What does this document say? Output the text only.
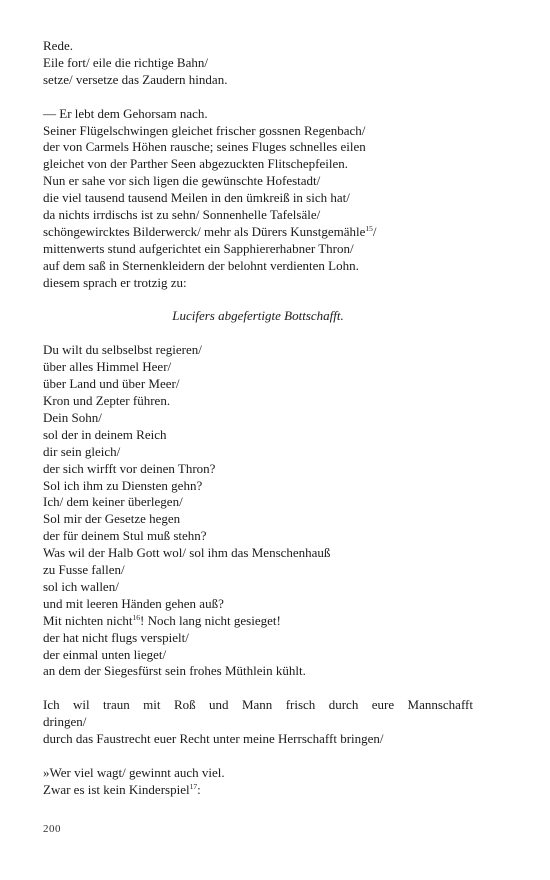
Rede.
Eile fort/ eile die richtige Bahn/
setze/ versetze das Zaudern hindan.
— Er lebt dem Gehorsam nach.
Seiner Flügelschwingen gleichet frischer gossnen Regenbach/
der von Carmels Höhen rausche; seines Fluges schnelles eilen
gleichet von der Parther Seen abgezuckten Flitschepfeilen.
Nun er sahe vor sich ligen die gewünschte Hofestadt/
die viel tausend tausend Meilen in den ümkreiß in sich hat/
da nichts irrdischs ist zu sehn/ Sonnenhelle Tafelsäle/
schöngewircktes Bilderwerck/ mehr als Dürers Kunstgemähle$^{15}$/
mittenwerts stund aufgerichtet ein Sapphiererhabner Thron/
auf dem saß in Sternenkleidern der belohnt verdienten Lohn.
diesem sprach er trotzig zu:
Lucifers abgefertigte Bottschafft.
Du wilt du selbselbst regieren/
über alles Himmel Heer/
über Land und über Meer/
Kron und Zepter führen.
Dein Sohn/
sol der in deinem Reich
dir sein gleich/
der sich wirfft vor deinen Thron?
Sol ich ihm zu Diensten gehn?
Ich/ dem keiner überlegen/
Sol mir der Gesetze hegen
der für deinem Stul muß stehn?
Was wil der Halb Gott wol/ sol ihm das Menschenhauß
zu Fusse fallen/
sol ich wallen/
und mit leeren Händen gehen auß?
Mit nichten nicht$^{16}$! Noch lang nicht gesieget!
der hat nicht flugs verspielt/
der einmal unten lieget/
an dem der Siegesfürst sein frohes Müthlein kühlt.
Ich wil traun mit Roß und Mann frisch durch eure Mannschafft
dringen/
durch das Faustrecht euer Recht unter meine Herrschafft bringen/
»Wer viel wagt/ gewinnt auch viel.
Zwar es ist kein Kinderspiel$^{17}$:
200
